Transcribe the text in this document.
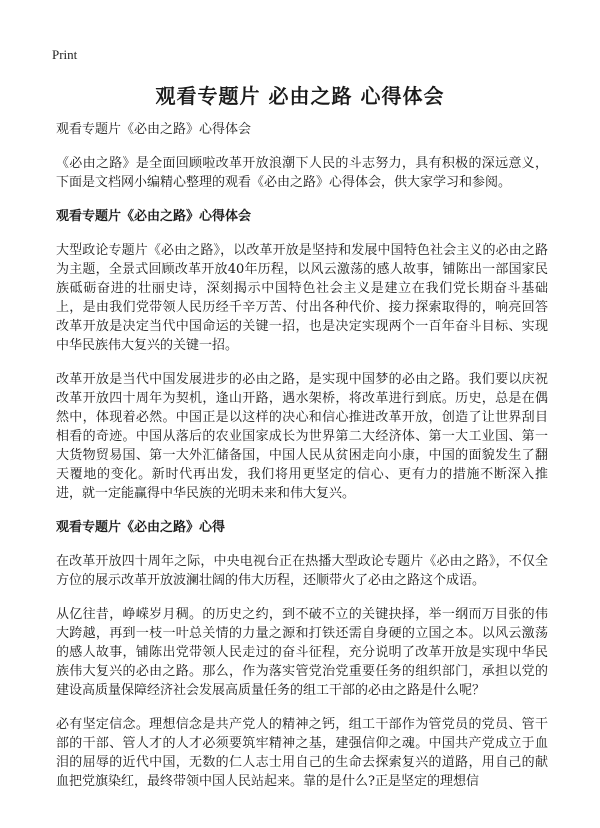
Print
观看专题片 必由之路 心得体会

观看专题片《必由之路》心得体会

《必由之路》是全面回顾啦改革开放浪潮下人民的斗志努力，具有积极的深远意义，下面是文档网小编精心整理的观看《必由之路》心得体会，供大家学习和参阅。

观看专题片《必由之路》心得体会

大型政论专题片《必由之路》，以改革开放是坚持和发展中国特色社会主义的必由之路为主题，全景式回顾改革开放40年历程，以风云激荡的感人故事，铺陈出一部国家民族砥砺奋进的壮丽史诗，深刻揭示中国特色社会主义是建立在我们党长期奋斗基础上，是由我们党带领人民历经千辛万苦、付出各种代价、接力探索取得的，响亮回答改革开放是决定当代中国命运的关键一招，也是决定实现两个一百年奋斗目标、实现中华民族伟大复兴的关键一招。

改革开放是当代中国发展进步的必由之路，是实现中国梦的必由之路。我们要以庆祝改革开放四十周年为契机，逢山开路，遇水架桥，将改革进行到底。历史，总是在偶然中，体现着必然。中国正是以这样的决心和信心推进改革开放，创造了让世界刮目相看的奇迹。中国从落后的农业国家成长为世界第二大经济体、第一大工业国、第一大货物贸易国、第一大外汇储备国，中国人民从贫困走向小康，中国的面貌发生了翻天覆地的变化。新时代再出发，我们将用更坚定的信心、更有力的措施不断深入推进，就一定能赢得中华民族的光明未来和伟大复兴。

观看专题片《必由之路》心得

在改革开放四十周年之际，中央电视台正在热播大型政论专题片《必由之路》，不仅全方位的展示改革开放波澜壮阔的伟大历程，还顺带火了必由之路这个成语。

从亿往昔，峥嵘岁月稠。的历史之约，到不破不立的关键抉择，举一纲而万目张的伟大跨越，再到一枝一叶总关情的力量之源和打铁还需自身硬的立国之本。以风云激荡的感人故事，铺陈出党带领人民走过的奋斗征程，充分说明了改革开放是实现中华民族伟大复兴的必由之路。那么，作为落实管党治党重要任务的组织部门，承担以党的建设高质量保障经济社会发展高质量任务的组工干部的必由之路是什么呢？

必有坚定信念。理想信念是共产党人的精神之钙，组工干部作为管党员的党员、管干部的干部、管人才的人才必须要筑牢精神之基，建强信仰之魂。中国共产党成立于血泪的屈辱的近代中国，无数的仁人志士用自己的生命去探索复兴的道路，用自己的献血把党旗染红，最终带领中国人民站起来。靠的是什么?正是坚定的理想信
